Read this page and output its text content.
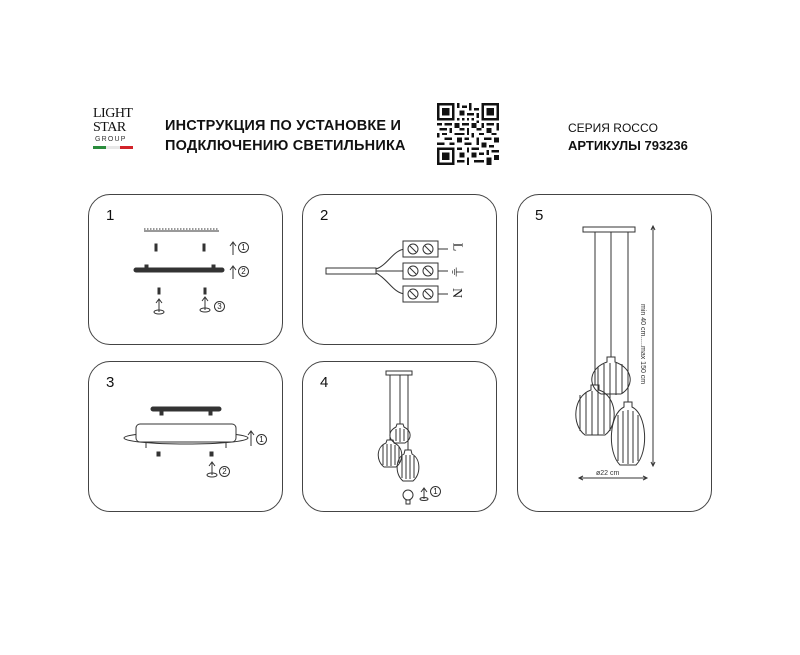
LIGHT
STAR
GROUP
ИНСТРУКЦИЯ ПО УСТАНОВКЕ И
ПОДКЛЮЧЕНИЮ СВЕТИЛЬНИКА
СЕРИЯ ROCCO
АРТИКУЛЫ 793236
1
1
2
3
2
L
⏚
N
3
1
2
4
1
5
min 40 cm.....max 150 cm
ø22 cm
